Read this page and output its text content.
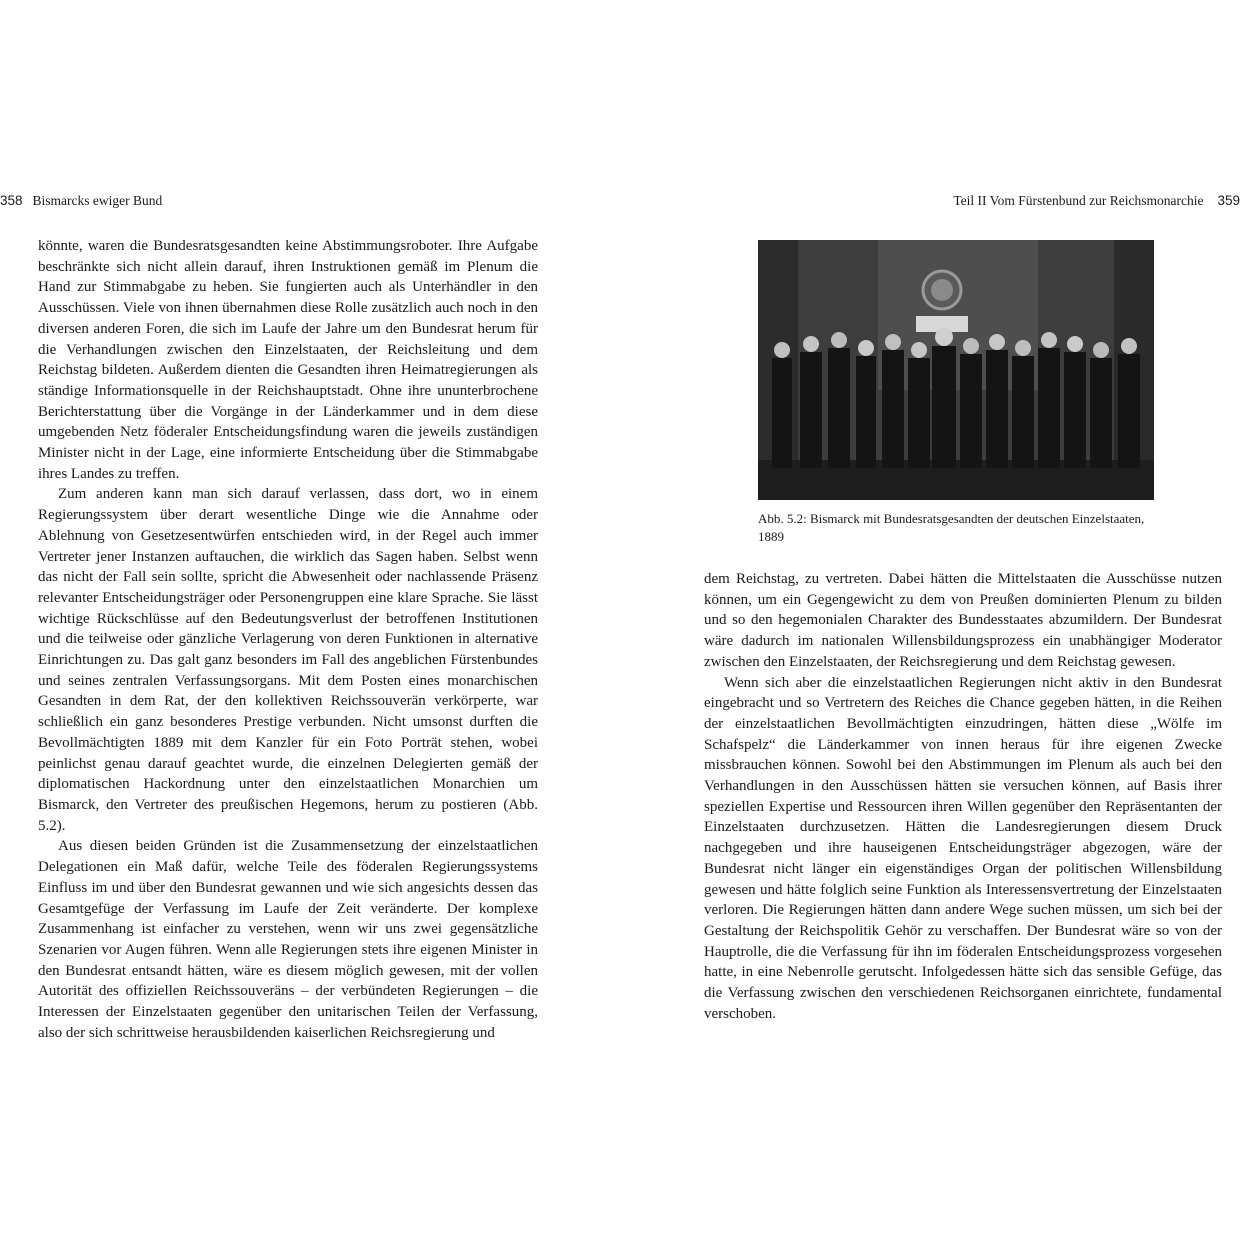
358 Bismarcks ewiger Bund

könnte, waren die Bundesratsgesandten keine Abstimmungsroboter. Ihre Aufgabe beschränkte sich nicht allein darauf, ihren Instruktionen gemäß im Plenum die Hand zur Stimmabgabe zu heben. Sie fungierten auch als Unterhändler in den Ausschüssen. Viele von ihnen übernahmen diese Rolle zusätzlich auch noch in den diversen anderen Foren, die sich im Laufe der Jahre um den Bundesrat herum für die Verhandlungen zwischen den Einzelstaaten, der Reichsleitung und dem Reichstag bildeten. Außerdem dienten die Gesandten ihren Heimatregierungen als ständige Informationsquelle in der Reichshauptstadt. Ohne ihre ununterbrochene Berichterstattung über die Vorgänge in der Länderkammer und in dem diese umgebenden Netz föderaler Entscheidungsfindung waren die jeweils zuständigen Minister nicht in der Lage, eine informierte Entscheidung über die Stimmabgabe ihres Landes zu treffen.

Zum anderen kann man sich darauf verlassen, dass dort, wo in einem Regierungssystem über derart wesentliche Dinge wie die Annahme oder Ablehnung von Gesetzesentwürfen entschieden wird, in der Regel auch immer Vertreter jener Instanzen auftauchen, die wirklich das Sagen haben. Selbst wenn das nicht der Fall sein sollte, spricht die Abwesenheit oder nachlassende Präsenz relevanter Entscheidungsträger oder Personengruppen eine klare Sprache. Sie lässt wichtige Rückschlüsse auf den Bedeutungsverlust der betroffenen Institutionen und die teilweise oder gänzliche Verlagerung von deren Funktionen in alternative Einrichtungen zu. Das galt ganz besonders im Fall des angeblichen Fürstenbundes und seines zentralen Verfassungsorgans. Mit dem Posten eines monarchischen Gesandten in dem Rat, der den kollektiven Reichssouverän verkörperte, war schließlich ein ganz besonderes Prestige verbunden. Nicht umsonst durften die Bevollmächtigten 1889 mit dem Kanzler für ein Foto Porträt stehen, wobei peinlichst genau darauf geachtet wurde, die einzelnen Delegierten gemäß der diplomatischen Hackordnung unter den einzelstaatlichen Monarchien um Bismarck, den Vertreter des preußischen Hegemons, herum zu postieren (Abb. 5.2).

Aus diesen beiden Gründen ist die Zusammensetzung der einzelstaatlichen Delegationen ein Maß dafür, welche Teile des föderalen Regierungssystems Einfluss im und über den Bundesrat gewannen und wie sich angesichts dessen das Gesamtgefüge der Verfassung im Laufe der Zeit veränderte. Der komplexe Zusammenhang ist einfacher zu verstehen, wenn wir uns zwei gegensätzliche Szenarien vor Augen führen. Wenn alle Regierungen stets ihre eigenen Minister in den Bundesrat entsandt hätten, wäre es diesem möglich gewesen, mit der vollen Autorität des offiziellen Reichssouveräns – der verbündeten Regierungen – die Interessen der Einzelstaaten gegenüber den unitarischen Teilen der Verfassung, also der sich schrittweise herausbildenden kaiserlichen Reichsregierung und

Teil II Vom Fürstenbund zur Reichsmonarchie 359
Abb. 5.2: Bismarck mit Bundesratsgesandten der deutschen Einzelstaaten, 1889

dem Reichstag, zu vertreten. Dabei hätten die Mittelstaaten die Ausschüsse nutzen können, um ein Gegengewicht zu dem von Preußen dominierten Plenum zu bilden und so den hegemonialen Charakter des Bundesstaates abzumildern. Der Bundesrat wäre dadurch im nationalen Willensbildungsprozess ein unabhängiger Moderator zwischen den Einzelstaaten, der Reichsregierung und dem Reichstag gewesen.

Wenn sich aber die einzelstaatlichen Regierungen nicht aktiv in den Bundesrat eingebracht und so Vertretern des Reiches die Chance gegeben hätten, in die Reihen der einzelstaatlichen Bevollmächtigten einzudringen, hätten diese „Wölfe im Schafspelz“ die Länderkammer von innen heraus für ihre eigenen Zwecke missbrauchen können. Sowohl bei den Abstimmungen im Plenum als auch bei den Verhandlungen in den Ausschüssen hätten sie versuchen können, auf Basis ihrer speziellen Expertise und Ressourcen ihren Willen gegenüber den Repräsentanten der Einzelstaaten durchzusetzen. Hätten die Landesregierungen diesem Druck nachgegeben und ihre hauseigenen Entscheidungsträger abgezogen, wäre der Bundesrat nicht länger ein eigenständiges Organ der politischen Willensbildung gewesen und hätte folglich seine Funktion als Interessensvertretung der Einzelstaaten verloren. Die Regierungen hätten dann andere Wege suchen müssen, um sich bei der Gestaltung der Reichspolitik Gehör zu verschaffen. Der Bundesrat wäre so von der Hauptrolle, die die Verfassung für ihn im föderalen Entscheidungsprozess vorgesehen hatte, in eine Nebenrolle gerutscht. Infolgedessen hätte sich das sensible Gefüge, das die Verfassung zwischen den verschiedenen Reichsorganen einrichtete, fundamental verschoben.
